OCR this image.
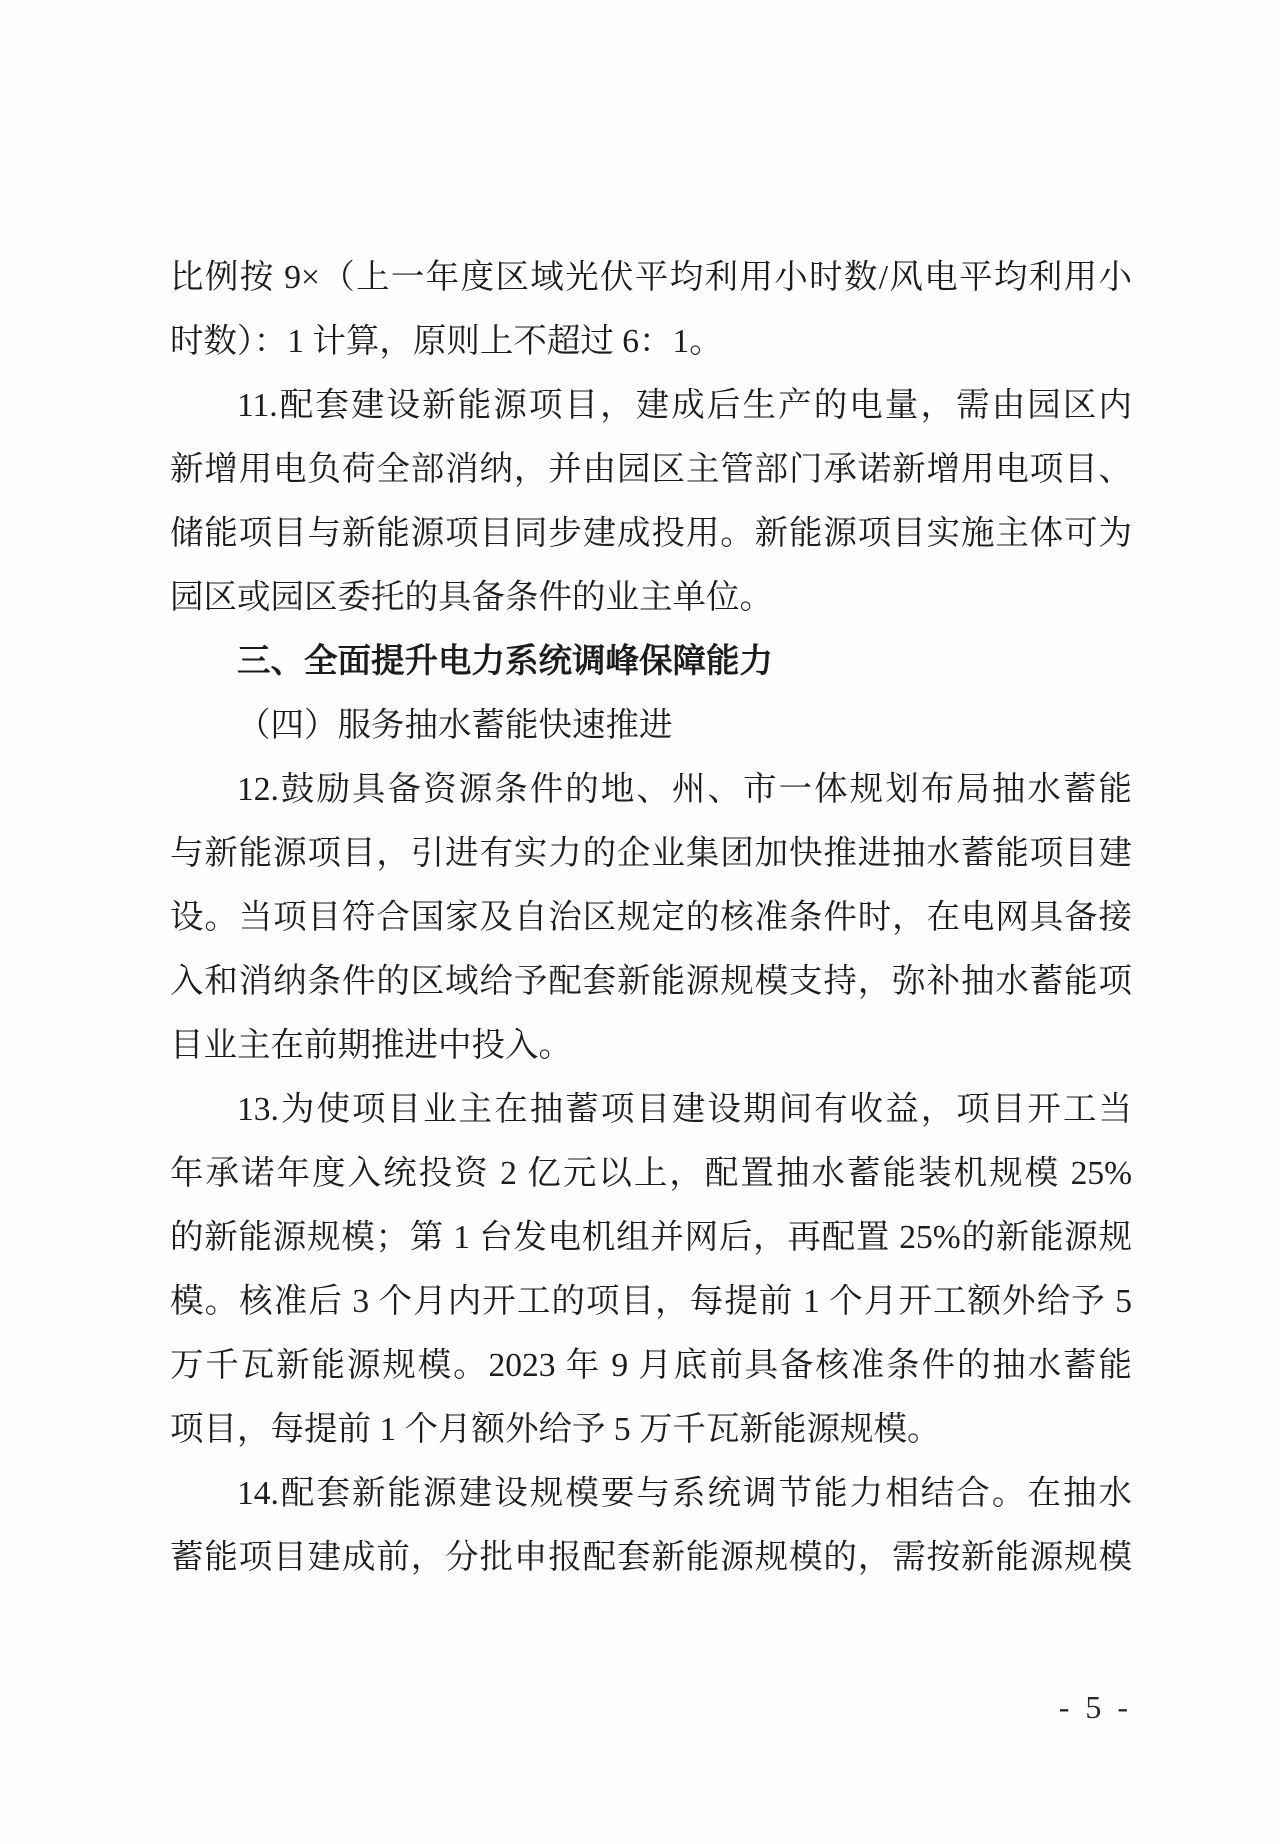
比例按 9×（上一年度区域光伏平均利用小时数/风电平均利用小
时数）：1 计算，原则上不超过 6：1。
11.配套建设新能源项目，建成后生产的电量，需由园区内
新增用电负荷全部消纳，并由园区主管部门承诺新增用电项目、
储能项目与新能源项目同步建成投用。新能源项目实施主体可为
园区或园区委托的具备条件的业主单位。
三、全面提升电力系统调峰保障能力
（四）服务抽水蓄能快速推进
12.鼓励具备资源条件的地、州、市一体规划布局抽水蓄能
与新能源项目，引进有实力的企业集团加快推进抽水蓄能项目建
设。当项目符合国家及自治区规定的核准条件时，在电网具备接
入和消纳条件的区域给予配套新能源规模支持，弥补抽水蓄能项
目业主在前期推进中投入。
13.为使项目业主在抽蓄项目建设期间有收益，项目开工当
年承诺年度入统投资 2 亿元以上，配置抽水蓄能装机规模 25%
的新能源规模；第 1 台发电机组并网后，再配置 25%的新能源规
模。核准后 3 个月内开工的项目，每提前 1 个月开工额外给予 5
万千瓦新能源规模。2023 年 9 月底前具备核准条件的抽水蓄能
项目，每提前 1 个月额外给予 5 万千瓦新能源规模。
14.配套新能源建设规模要与系统调节能力相结合。在抽水
蓄能项目建成前，分批申报配套新能源规模的，需按新能源规模
- 5 -
